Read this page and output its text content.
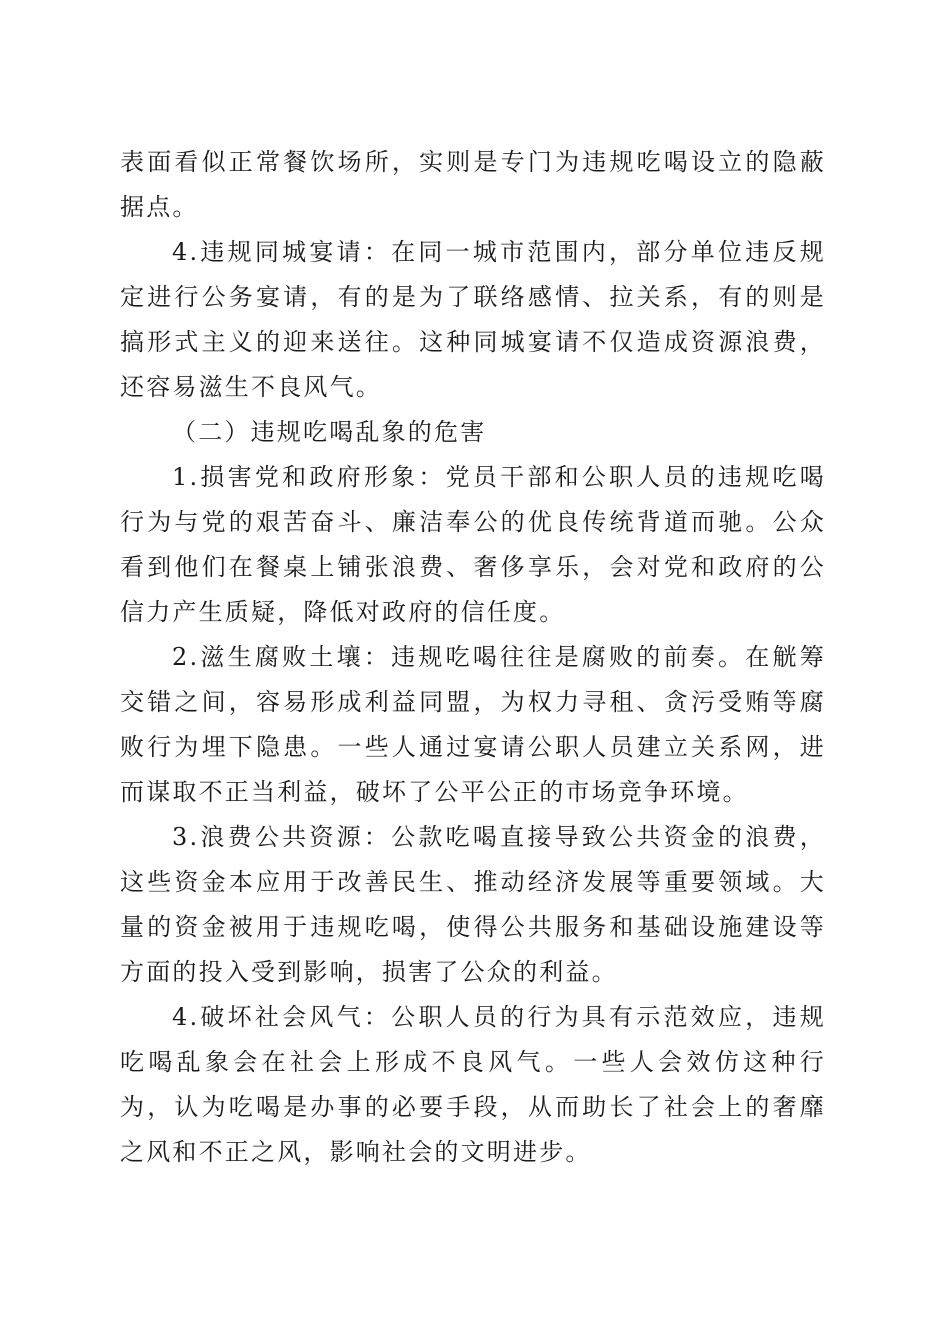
表面看似正常餐饮场所，实则是专门为违规吃喝设立的隐蔽据点。

4.违规同城宴请：在同一城市范围内，部分单位违反规定进行公务宴请，有的是为了联络感情、拉关系，有的则是搞形式主义的迎来送往。这种同城宴请不仅造成资源浪费，还容易滋生不良风气。

（二）违规吃喝乱象的危害

1.损害党和政府形象：党员干部和公职人员的违规吃喝行为与党的艰苦奋斗、廉洁奉公的优良传统背道而驰。公众看到他们在餐桌上铺张浪费、奢侈享乐，会对党和政府的公信力产生质疑，降低对政府的信任度。

2.滋生腐败土壤：违规吃喝往往是腐败的前奏。在觥筹交错之间，容易形成利益同盟，为权力寻租、贪污受贿等腐败行为埋下隐患。一些人通过宴请公职人员建立关系网，进而谋取不正当利益，破坏了公平公正的市场竞争环境。

3.浪费公共资源：公款吃喝直接导致公共资金的浪费，这些资金本应用于改善民生、推动经济发展等重要领域。大量的资金被用于违规吃喝，使得公共服务和基础设施建设等方面的投入受到影响，损害了公众的利益。

4.破坏社会风气：公职人员的行为具有示范效应，违规吃喝乱象会在社会上形成不良风气。一些人会效仿这种行为，认为吃喝是办事的必要手段，从而助长了社会上的奢靡之风和不正之风，影响社会的文明进步。
